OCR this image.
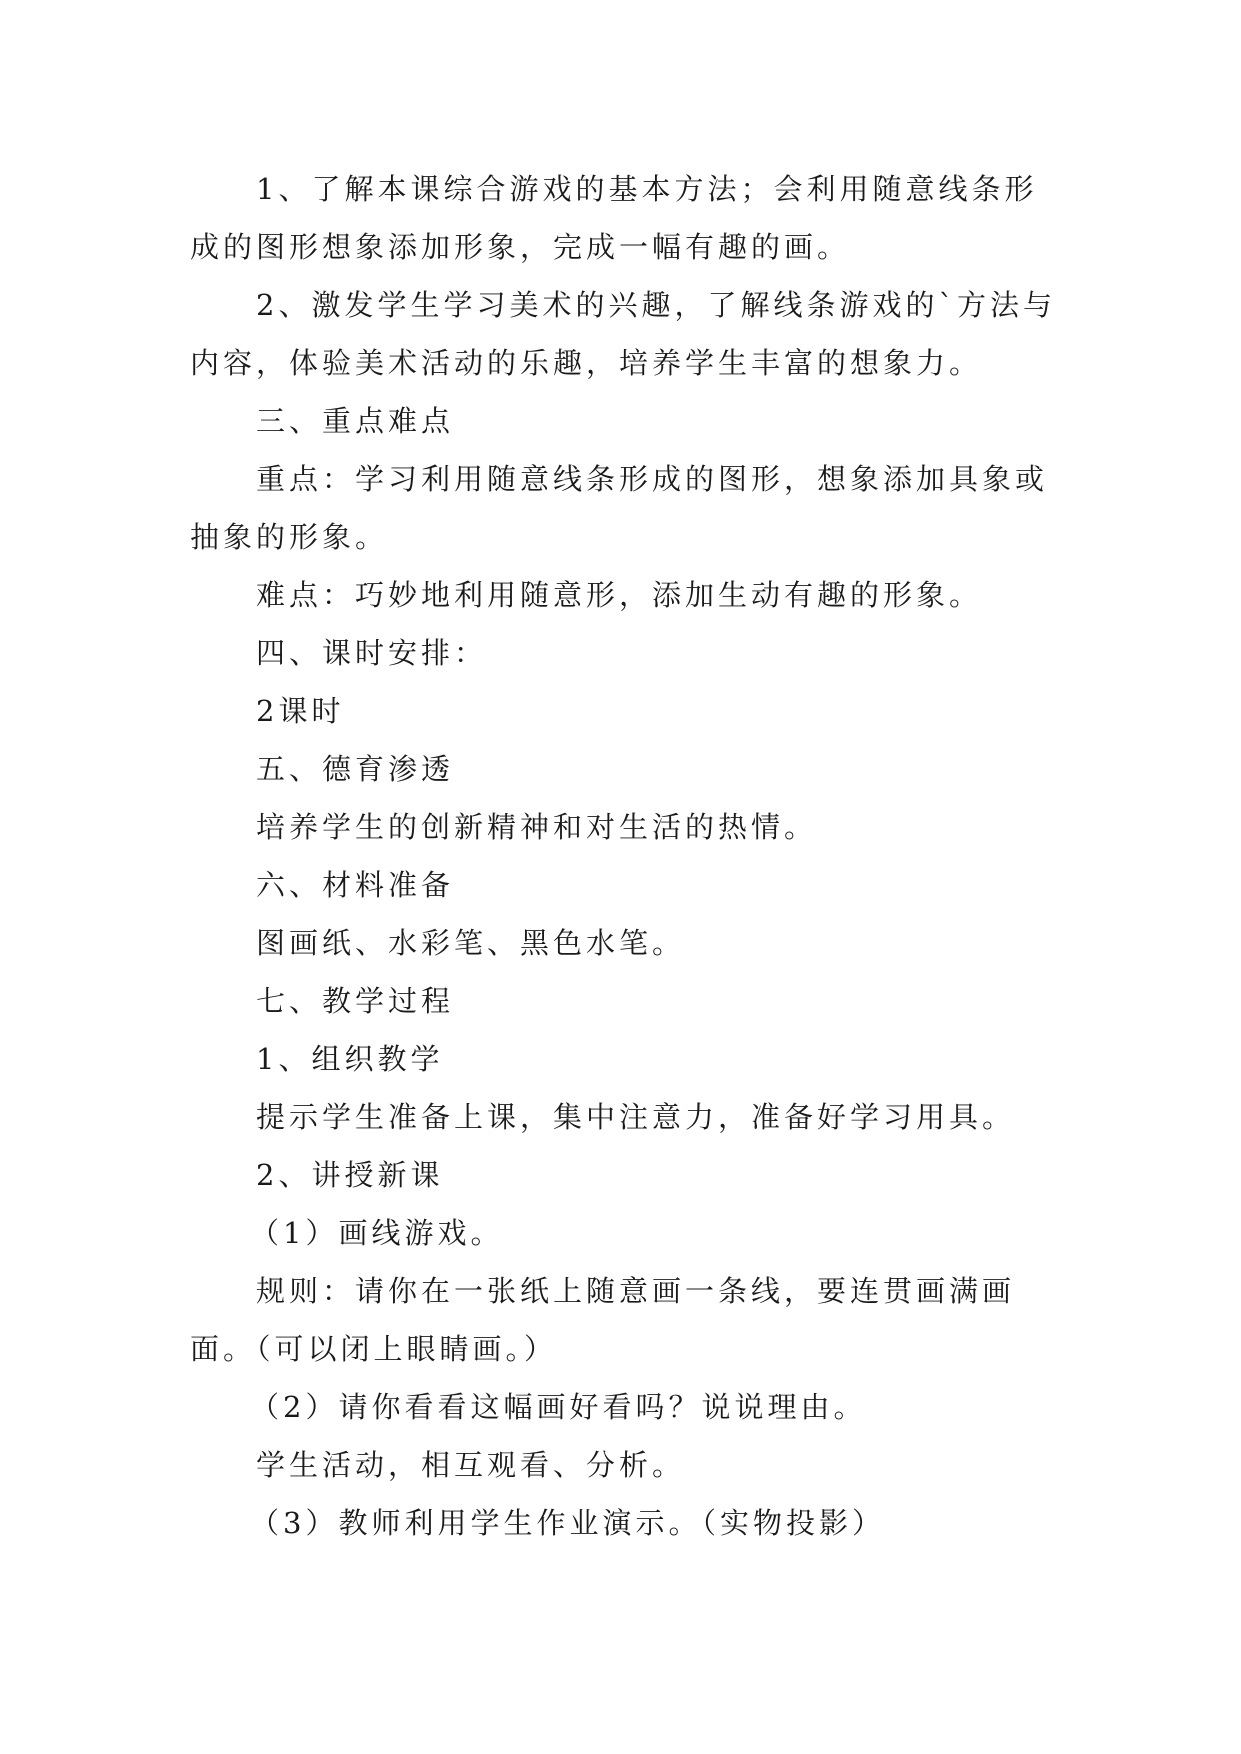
1、了解本课综合游戏的基本方法；会利用随意线条形成的图形想象添加形象，完成一幅有趣的画。

2、激发学生学习美术的兴趣，了解线条游戏的`方法与内容，体验美术活动的乐趣，培养学生丰富的想象力。

三、重点难点

重点：学习利用随意线条形成的图形，想象添加具象或抽象的形象。

难点：巧妙地利用随意形，添加生动有趣的形象。

四、课时安排：

2课时

五、德育渗透

培养学生的创新精神和对生活的热情。

六、材料准备

图画纸、水彩笔、黑色水笔。

七、教学过程

1、组织教学

提示学生准备上课，集中注意力，准备好学习用具。

2、讲授新课

（1）画线游戏。

规则：请你在一张纸上随意画一条线，要连贯画满画面。（可以闭上眼睛画。）

（2）请你看看这幅画好看吗？说说理由。

学生活动，相互观看、分析。

（3）教师利用学生作业演示。（实物投影）
